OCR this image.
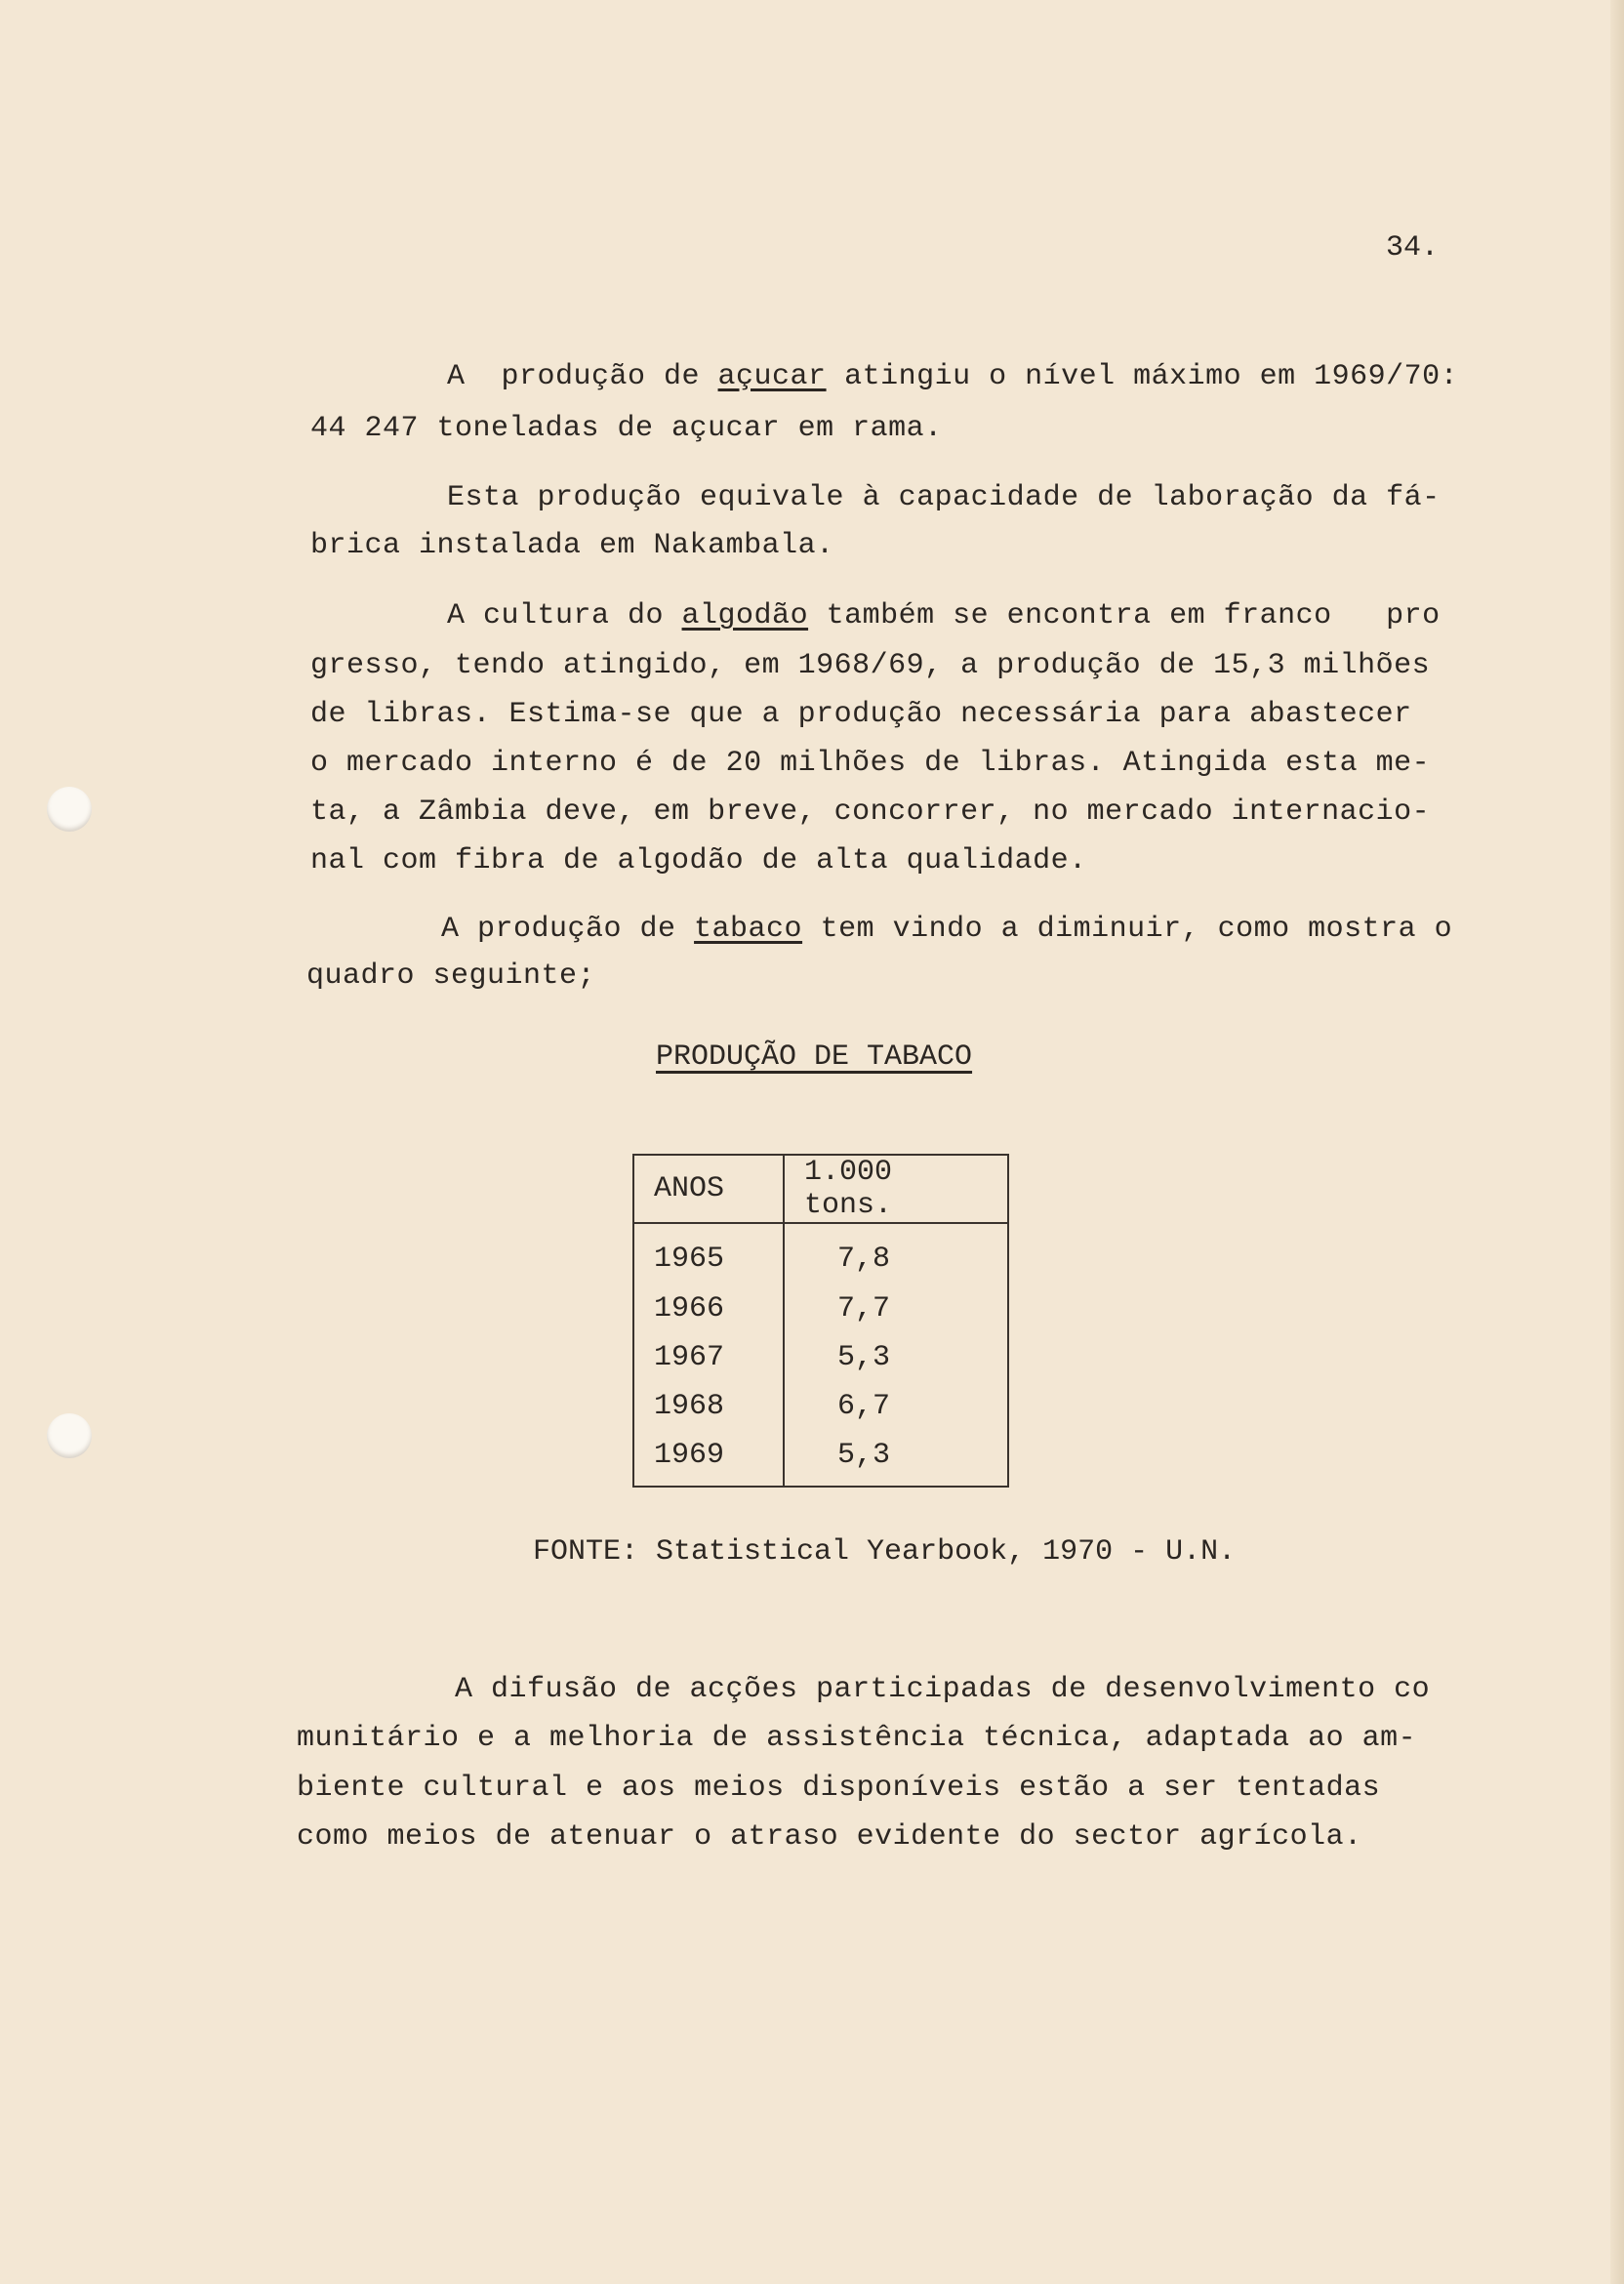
34.

A  produção de açucar atingiu o nível máximo em 1969/70:

44 247 toneladas de açucar em rama.

Esta produção equivale à capacidade de laboração da fá-

brica instalada em Nakambala.

A cultura do algodão também se encontra em franco   pro

gresso, tendo atingido, em 1968/69, a produção de 15,3 milhões

de libras. Estima-se que a produção necessária para abastecer

o mercado interno é de 20 milhões de libras. Atingida esta me-

ta, a Zâmbia deve, em breve, concorrer, no mercado internacio-

nal com fibra de algodão de alta qualidade.

A produção de tabaco tem vindo a diminuir, como mostra o

quadro seguinte;

PRODUÇÃO DE TABACO
ANOS	1.000 tons.
1965	7,8
1966	7,7
1967	5,3
1968	6,7
1969	5,3
FONTE: Statistical Yearbook, 1970 - U.N.

A difusão de acções participadas de desenvolvimento co

munitário e a melhoria de assistência técnica, adaptada ao am-

biente cultural e aos meios disponíveis estão a ser tentadas

como meios de atenuar o atraso evidente do sector agrícola.
